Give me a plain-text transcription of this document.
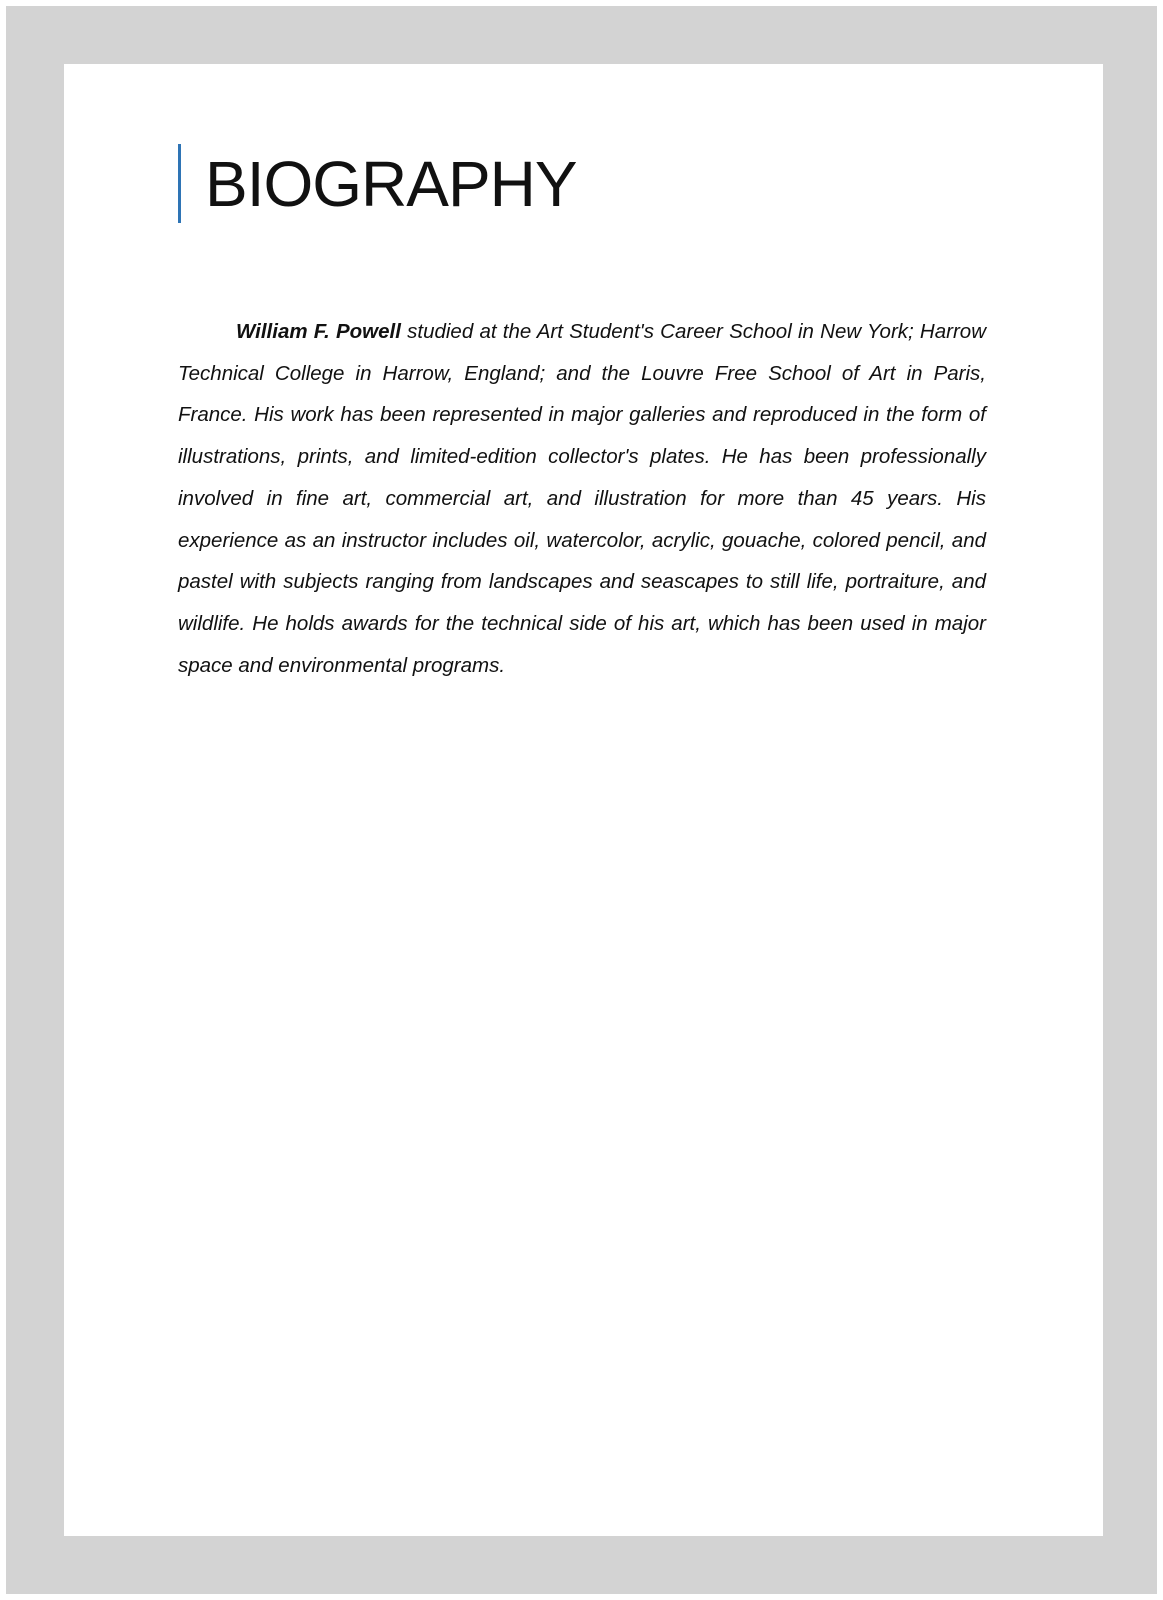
BIOGRAPHY

William F. Powell studied at the Art Student's Career School in New York; Harrow Technical College in Harrow, England; and the Louvre Free School of Art in Paris, France. His work has been represented in major galleries and reproduced in the form of illustrations, prints, and limited-edition collector's plates. He has been professionally involved in fine art, commercial art, and illustration for more than 45 years. His experience as an instructor includes oil, watercolor, acrylic, gouache, colored pencil, and pastel with subjects ranging from landscapes and seascapes to still life, portraiture, and wildlife. He holds awards for the technical side of his art, which has been used in major space and environmental programs.
